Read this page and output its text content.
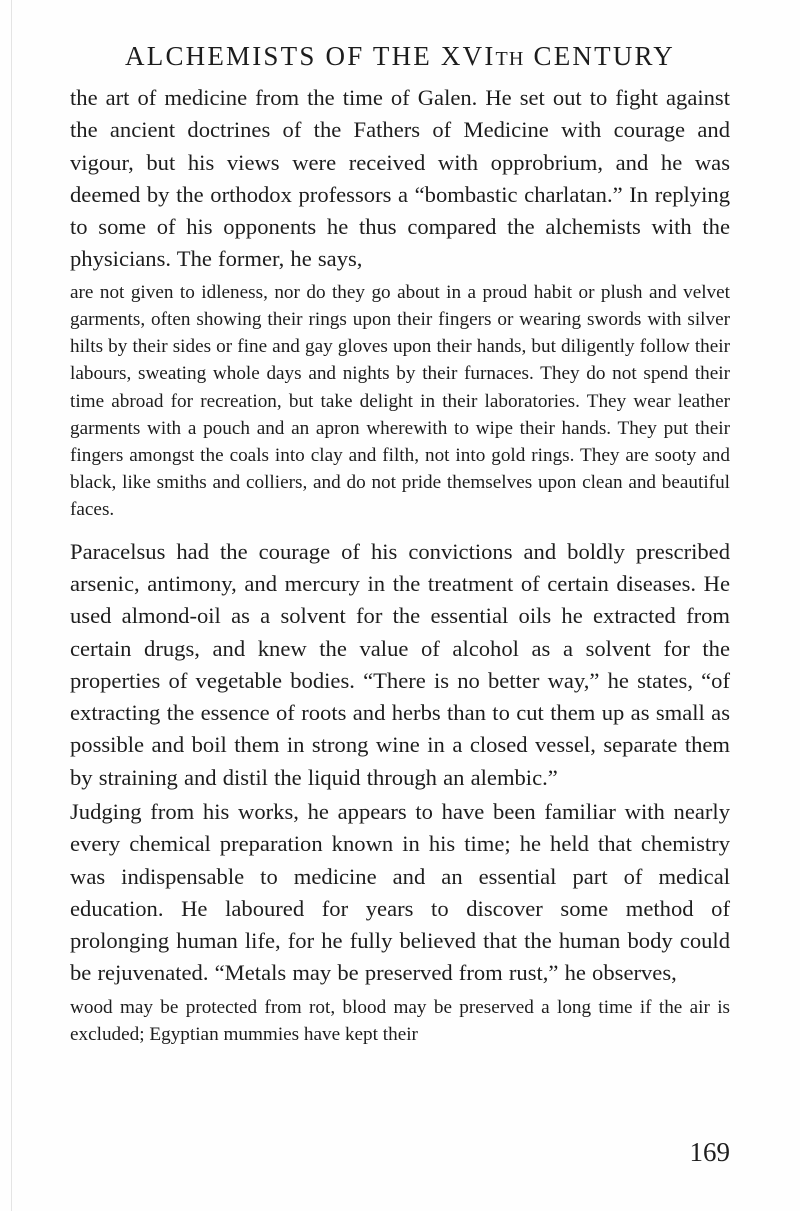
ALCHEMISTS OF THE XVITH CENTURY

the art of medicine from the time of Galen. He set out to fight against the ancient doctrines of the Fathers of Medicine with courage and vigour, but his views were received with opprobrium, and he was deemed by the orthodox professors a “bombastic charlatan.” In replying to some of his opponents he thus compared the alchemists with the physicians. The former, he says,

are not given to idleness, nor do they go about in a proud habit or plush and velvet garments, often showing their rings upon their fingers or wearing swords with silver hilts by their sides or fine and gay gloves upon their hands, but diligently follow their labours, sweating whole days and nights by their furnaces. They do not spend their time abroad for recreation, but take delight in their laboratories. They wear leather garments with a pouch and an apron wherewith to wipe their hands. They put their fingers amongst the coals into clay and filth, not into gold rings. They are sooty and black, like smiths and colliers, and do not pride themselves upon clean and beautiful faces.

Paracelsus had the courage of his convictions and boldly prescribed arsenic, antimony, and mercury in the treatment of certain diseases. He used almond-oil as a solvent for the essential oils he extracted from certain drugs, and knew the value of alcohol as a solvent for the properties of vegetable bodies. “There is no better way,” he states, “of extracting the essence of roots and herbs than to cut them up as small as possible and boil them in strong wine in a closed vessel, separate them by straining and distil the liquid through an alembic.”

Judging from his works, he appears to have been familiar with nearly every chemical preparation known in his time; he held that chemistry was indispensable to medicine and an essential part of medical education. He laboured for years to discover some method of prolonging human life, for he fully believed that the human body could be rejuvenated. “Metals may be preserved from rust,” he observes,

wood may be protected from rot, blood may be preserved a long time if the air is excluded; Egyptian mummies have kept their

169
